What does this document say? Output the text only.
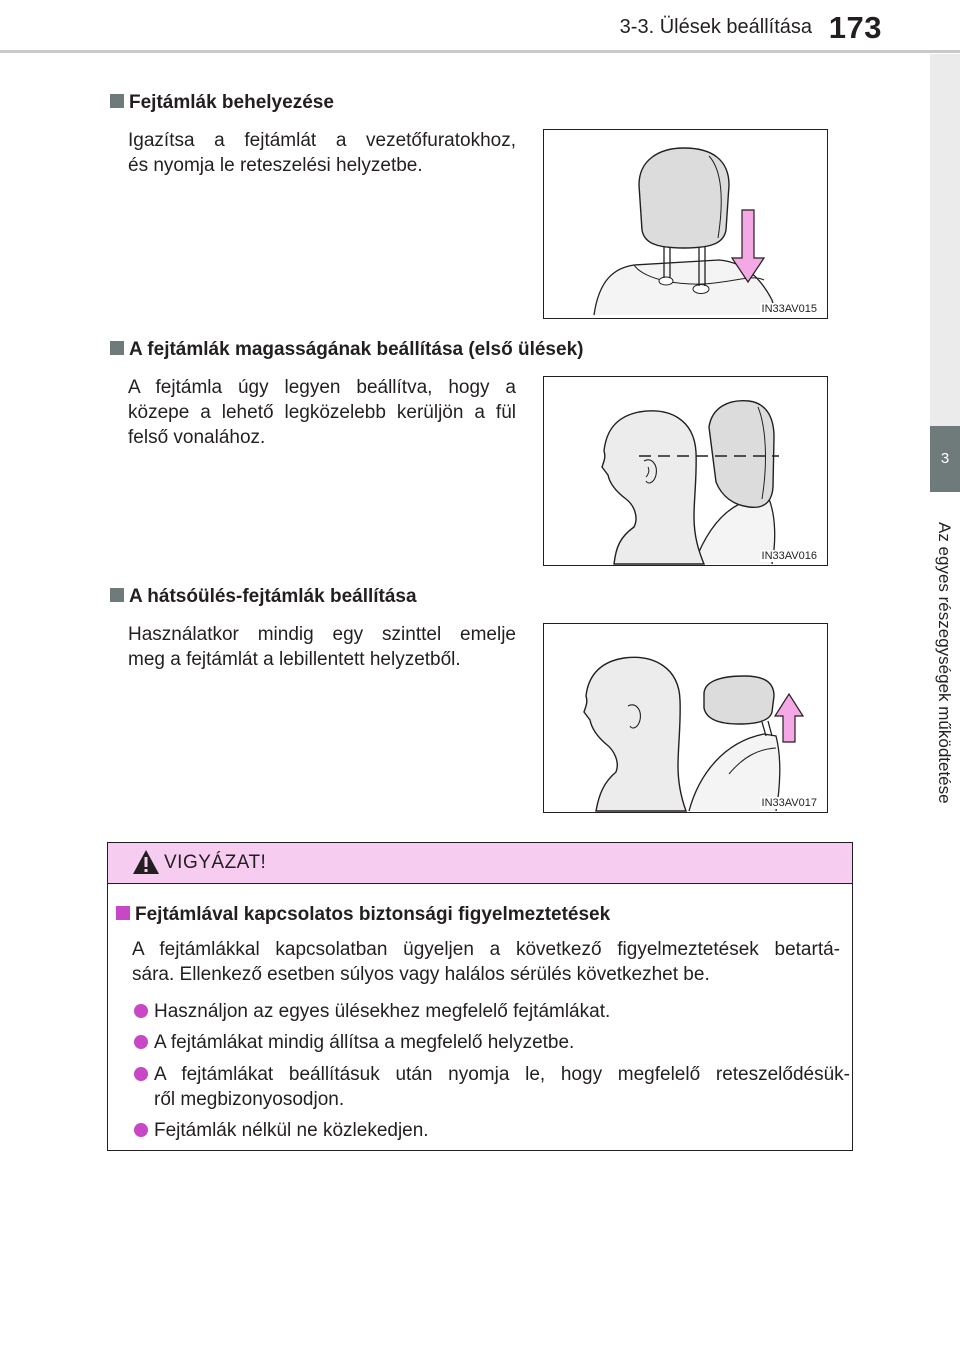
3-3. Ülések beállítása 173
3
Az egyes részegységek működtetése
Fejtámlák behelyezése
Igazítsa a fejtámlát a vezetőfuratokhoz,
és nyomja le reteszelési helyzetbe.
IN33AV015
A fejtámlák magasságának beállítása (első ülések)
A fejtámla úgy legyen beállítva, hogy a
közepe a lehető legközelebb kerüljön a fül
felső vonalához.
IN33AV016
A hátsóülés-fejtámlák beállítása
Használatkor mindig egy szinttel emelje
meg a fejtámlát a lebillentett helyzetből.
IN33AV017
VIGYÁZAT!
Fejtámlával kapcsolatos biztonsági figyelmeztetések
A fejtámlákkal kapcsolatban ügyeljen a következő figyelmeztetések betartá-
sára. Ellenkező esetben súlyos vagy halálos sérülés következhet be.
Használjon az egyes ülésekhez megfelelő fejtámlákat.
A fejtámlákat mindig állítsa a megfelelő helyzetbe.
A fejtámlákat beállításuk után nyomja le, hogy megfelelő reteszelődésük-
ről megbizonyosodjon.
Fejtámlák nélkül ne közlekedjen.
